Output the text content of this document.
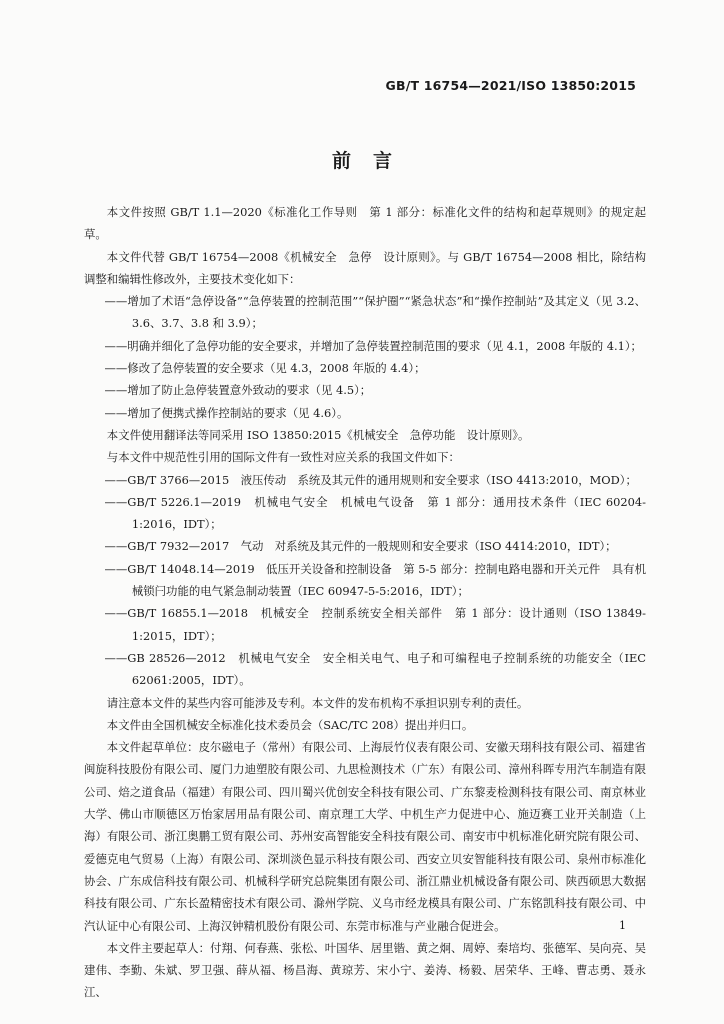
GB/T 16754—2021/ISO 13850:2015
前言

本文件按照 GB/T 1.1—2020《标准化工作导则　第 1 部分：标准化文件的结构和起草规则》的规定起草。

本文件代替 GB/T 16754—2008《机械安全　急停　设计原则》。与 GB/T 16754—2008 相比，除结构调整和编辑性修改外，主要技术变化如下：

——增加了术语“急停设备”“急停装置的控制范围”“保护圈”“紧急状态”和“操作控制站”及其定义（见 3.2、3.6、3.7、3.8 和 3.9）；

——明确并细化了急停功能的安全要求，并增加了急停装置控制范围的要求（见 4.1，2008 年版的 4.1）；

——修改了急停装置的安全要求（见 4.3，2008 年版的 4.4）；

——增加了防止急停装置意外致动的要求（见 4.5）；

——增加了便携式操作控制站的要求（见 4.6）。

本文件使用翻译法等同采用 ISO 13850:2015《机械安全　急停功能　设计原则》。

与本文件中规范性引用的国际文件有一致性对应关系的我国文件如下：

——GB/T 3766—2015　液压传动　系统及其元件的通用规则和安全要求（ISO 4413:2010，MOD）；

——GB/T 5226.1—2019　机械电气安全　机械电气设备　第 1 部分：通用技术条件（IEC 60204-1:2016，IDT）；

——GB/T 7932—2017　气动　对系统及其元件的一般规则和安全要求（ISO 4414:2010，IDT）；

——GB/T 14048.14—2019　低压开关设备和控制设备　第 5-5 部分：控制电路电器和开关元件　具有机械锁闩功能的电气紧急制动装置（IEC 60947-5-5:2016，IDT）；

——GB/T 16855.1—2018　机械安全　控制系统安全相关部件　第 1 部分：设计通则（ISO 13849-1:2015，IDT）；

——GB 28526—2012　机械电气安全　安全相关电气、电子和可编程电子控制系统的功能安全（IEC 62061:2005，IDT）。

请注意本文件的某些内容可能涉及专利。本文件的发布机构不承担识别专利的责任。

本文件由全国机械安全标准化技术委员会（SAC/TC 208）提出并归口。

本文件起草单位：皮尔磁电子（常州）有限公司、上海辰竹仪表有限公司、安徽天珝科技有限公司、福建省闽旋科技股份有限公司、厦门力迪塑胶有限公司、九思检测技术（广东）有限公司、漳州科晖专用汽车制造有限公司、焙之道食品（福建）有限公司、四川蜀兴优创安全科技有限公司、广东黎麦检测科技有限公司、南京林业大学、佛山市顺德区万怡家居用品有限公司、南京理工大学、中机生产力促进中心、施迈赛工业开关制造（上海）有限公司、浙江奥鹏工贸有限公司、苏州安高智能安全科技有限公司、南安市中机标准化研究院有限公司、爱德克电气贸易（上海）有限公司、深圳淡色显示科技有限公司、西安立贝安智能科技有限公司、泉州市标准化协会、广东成信科技有限公司、机械科学研究总院集团有限公司、浙江鼎业机械设备有限公司、陕西硕思大数据科技有限公司、广东长盈精密技术有限公司、滁州学院、义乌市经龙模具有限公司、广东铭凯科技有限公司、中汽认证中心有限公司、上海汉钟精机股份有限公司、东莞市标准与产业融合促进会。

本文件主要起草人：付翔、何春燕、张松、叶国华、居里锴、黄之炯、周婷、秦培均、张德军、吴向亮、吴建伟、李勤、朱斌、罗卫强、薛从福、杨昌海、黄琼芳、宋小宁、姜涛、杨毅、居荣华、王峰、曹志勇、聂永江、

1
